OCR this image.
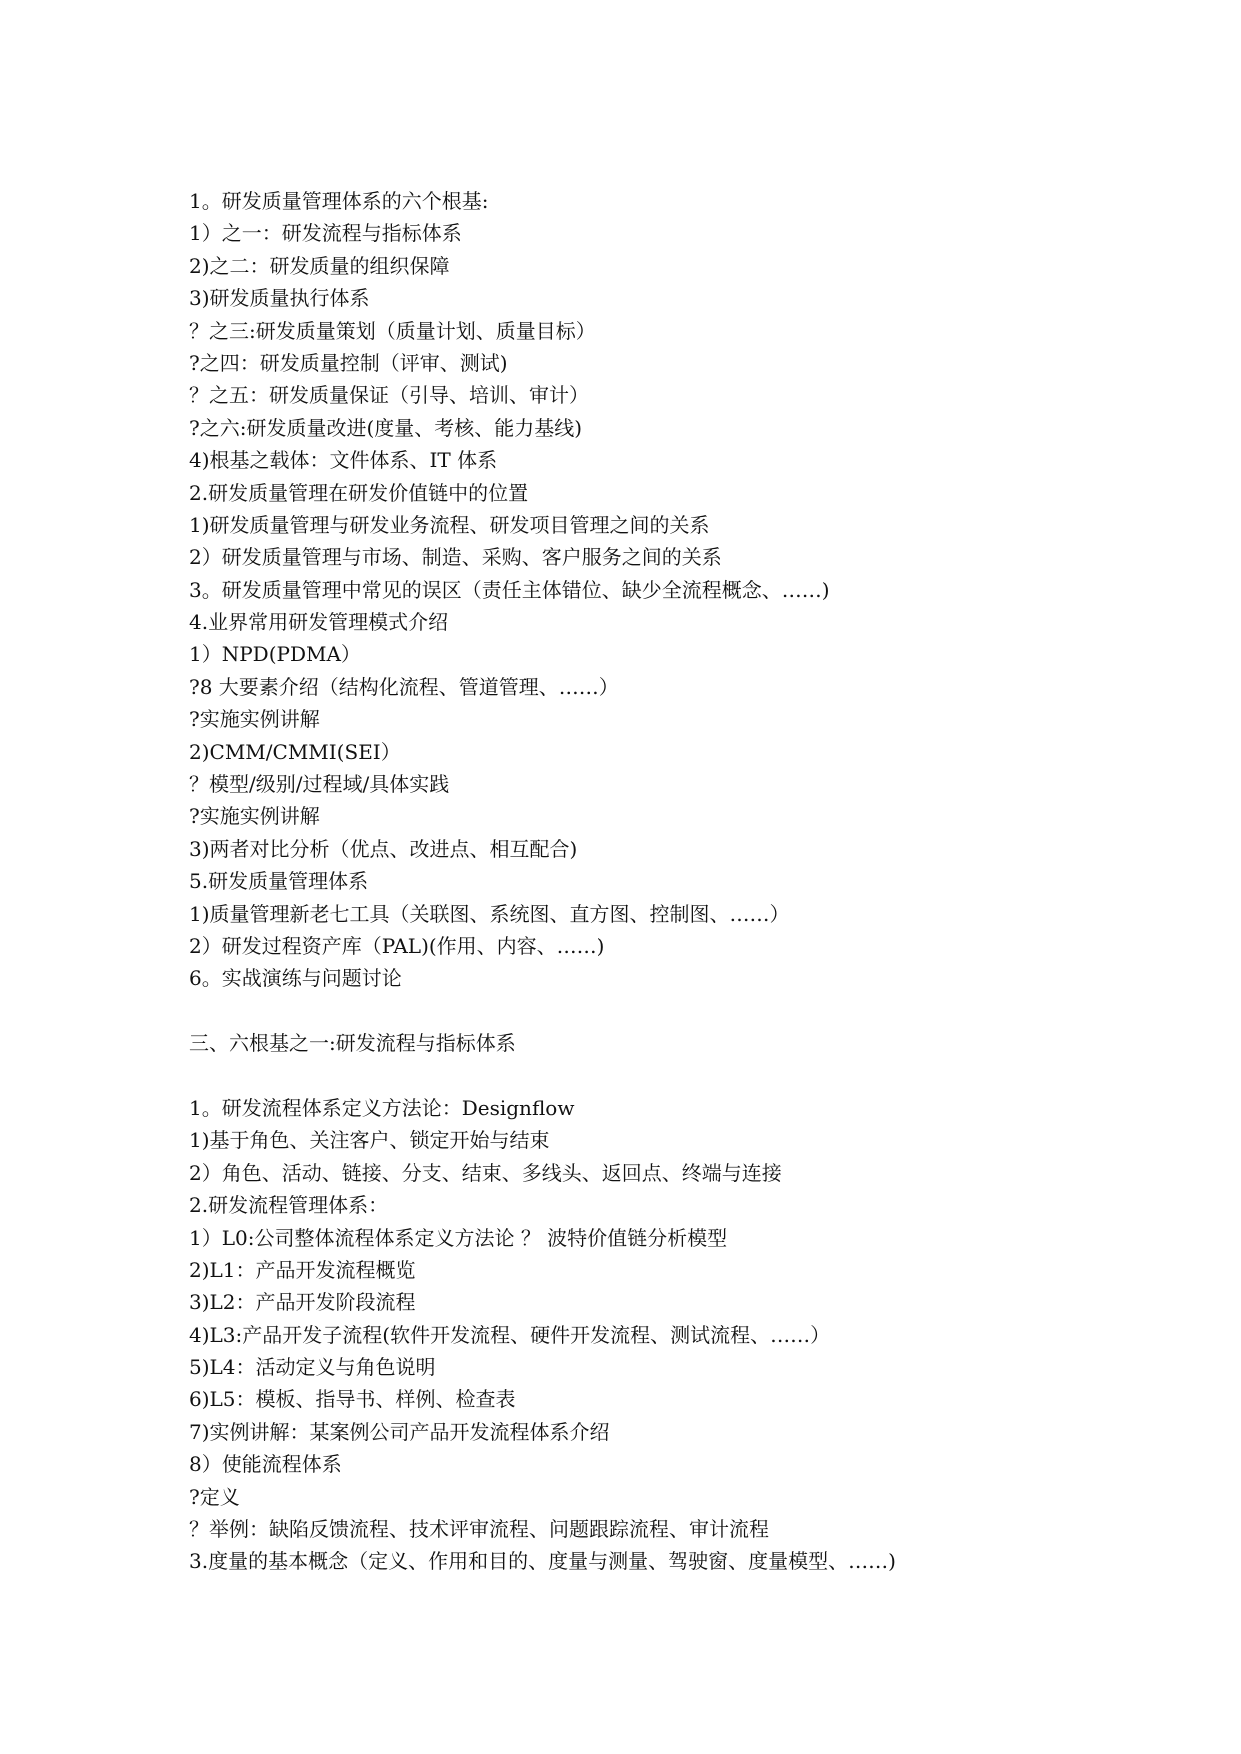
1。研发质量管理体系的六个根基:
1）之一：研发流程与指标体系
2)之二：研发质量的组织保障
3)研发质量执行体系
？之三:研发质量策划（质量计划、质量目标）
?之四：研发质量控制（评审、测试)
？之五：研发质量保证（引导、培训、审计）
?之六:研发质量改进(度量、考核、能力基线)
4)根基之载体：文件体系、IT 体系
2.研发质量管理在研发价值链中的位置
1)研发质量管理与研发业务流程、研发项目管理之间的关系
2）研发质量管理与市场、制造、采购、客户服务之间的关系
3。研发质量管理中常见的误区（责任主体错位、缺少全流程概念、……)
4.业界常用研发管理模式介绍
1）NPD(PDMA）
?8 大要素介绍（结构化流程、管道管理、……）
?实施实例讲解
2)CMM/CMMI(SEI）
？模型/级别/过程域/具体实践
?实施实例讲解
3)两者对比分析（优点、改进点、相互配合)
5.研发质量管理体系
1)质量管理新老七工具（关联图、系统图、直方图、控制图、……）
2）研发过程资产库（PAL)(作用、内容、……)
6。实战演练与问题讨论
三、六根基之一:研发流程与指标体系
1。研发流程体系定义方法论：Designflow
1)基于角色、关注客户、锁定开始与结束
2）角色、活动、链接、分支、结束、多线头、返回点、终端与连接
2.研发流程管理体系：
1）L0:公司整体流程体系定义方法论 ？ 波特价值链分析模型
2)L1：产品开发流程概览
3)L2：产品开发阶段流程
4)L3:产品开发子流程(软件开发流程、硬件开发流程、测试流程、……）
5)L4：活动定义与角色说明
6)L5：模板、指导书、样例、检查表
7)实例讲解：某案例公司产品开发流程体系介绍
8）使能流程体系
?定义
？举例：缺陷反馈流程、技术评审流程、问题跟踪流程、审计流程
3.度量的基本概念（定义、作用和目的、度量与测量、驾驶窗、度量模型、……)
